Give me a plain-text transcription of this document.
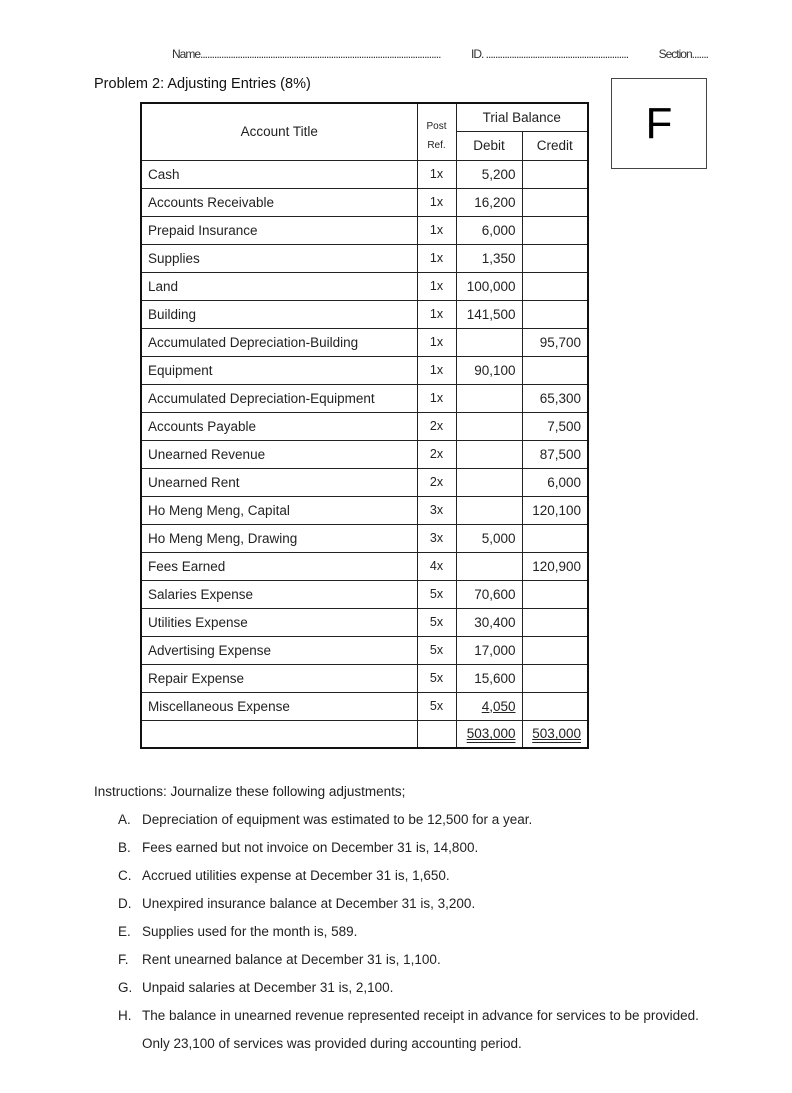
Name.......................................................................................................	ID. .............................................................	Section.......
Problem 2: Adjusting Entries (8%)
F
Account Title	Post	Trial Balance	
	Ref.	Debit	Credit
Cash	1x	5,200	
Accounts Receivable	1x	16,200	
Prepaid Insurance	1x	6,000	
Supplies	1x	1,350	
Land	1x	100,000	
Building	1x	141,500	
Accumulated Depreciation-Building	1x		95,700
Equipment	1x	90,100	
Accumulated Depreciation-Equipment	1x		65,300
Accounts Payable	2x		7,500
Unearned Revenue	2x		87,500
Unearned Rent	2x		6,000
Ho Meng Meng, Capital	3x		120,100
Ho Meng Meng, Drawing	3x	5,000	
Fees Earned	4x		120,900
Salaries Expense	5x	70,600	
Utilities Expense	5x	30,400	
Advertising Expense	5x	17,000	
Repair Expense	5x	15,600	
Miscellaneous Expense	5x	4,050	
		503,000	503,000
Instructions: Journalize these following adjustments;
A. Depreciation of equipment was estimated to be 12,500 for a year.
B. Fees earned but not invoice on December 31 is, 14,800.
C. Accrued utilities expense at December 31 is, 1,650.
D. Unexpired insurance balance at December 31 is, 3,200.
E. Supplies used for the month is, 589.
F. Rent unearned balance at December 31 is, 1,100.
G. Unpaid salaries at December 31 is, 2,100.
H. The balance in unearned revenue represented receipt in advance for services to be provided. Only 23,100 of services was provided during accounting period.
